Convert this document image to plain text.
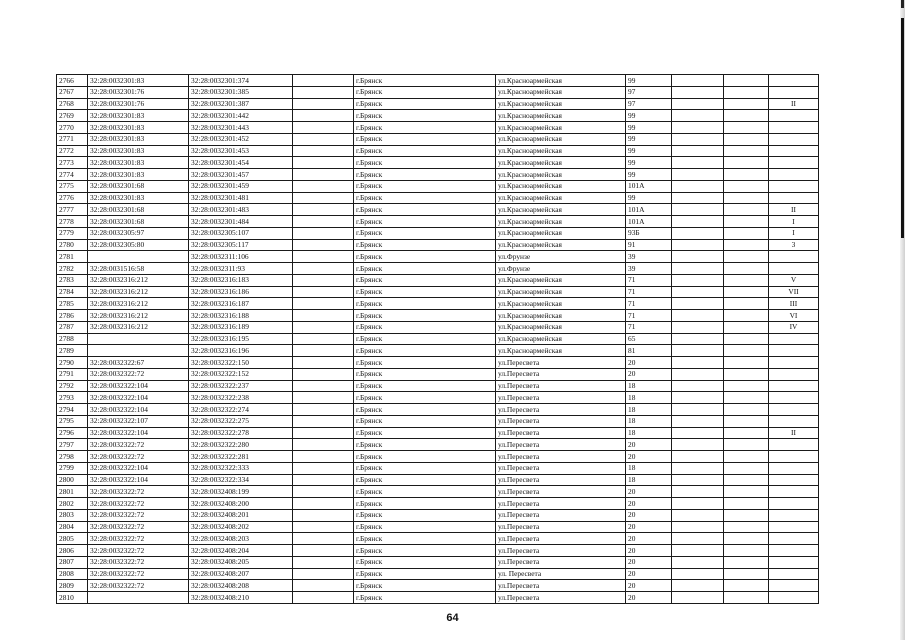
2766	32:28:0032301:83	32:28:0032301:374		г.Брянск	ул.Красноармейская	99			
2767	32:28:0032301:76	32:28:0032301:385		г.Брянск	ул.Красноармейская	97			
2768	32:28:0032301:76	32:28:0032301:387		г.Брянск	ул.Красноармейская	97			II
2769	32:28:0032301:83	32:28:0032301:442		г.Брянск	ул.Красноармейская	99			
2770	32:28:0032301:83	32:28:0032301:443		г.Брянск	ул.Красноармейская	99			
2771	32:28:0032301:83	32:28:0032301:452		г.Брянск	ул.Красноармейская	99			
2772	32:28:0032301:83	32:28:0032301:453		г.Брянск	ул.Красноармейская	99			
2773	32:28:0032301:83	32:28:0032301:454		г.Брянск	ул.Красноармейская	99			
2774	32:28:0032301:83	32:28:0032301:457		г.Брянск	ул.Красноармейская	99			
2775	32:28:0032301:68	32:28:0032301:459		г.Брянск	ул.Красноармейская	101А			
2776	32:28:0032301:83	32:28:0032301:481		г.Брянск	ул.Красноармейская	99			
2777	32:28:0032301:68	32:28:0032301:483		г.Брянск	ул.Красноармейская	101А			II
2778	32:28:0032301:68	32:28:0032301:484		г.Брянск	ул.Красноармейская	101А			I
2779	32:28:0032305:97	32:28:0032305:107		г.Брянск	ул.Красноармейская	93Б			I
2780	32:28:0032305:80	32:28:0032305:117		г.Брянск	ул.Красноармейская	91			3
2781		32:28:0032311:106		г.Брянск	ул.Фрунзе	39			
2782	32:28:0031516:58	32:28:0032311:93		г.Брянск	ул.Фрунзе	39			
2783	32:28:0032316:212	32:28:0032316:183		г.Брянск	ул.Красноармейская	71			V
2784	32:28:0032316:212	32:28:0032316:186		г.Брянск	ул.Красноармейская	71			VII
2785	32:28:0032316:212	32:28:0032316:187		г.Брянск	ул.Красноармейская	71			III
2786	32:28:0032316:212	32:28:0032316:188		г.Брянск	ул.Красноармейская	71			VI
2787	32:28:0032316:212	32:28:0032316:189		г.Брянск	ул.Красноармейская	71			IV
2788		32:28:0032316:195		г.Брянск	ул.Красноармейская	65			
2789		32:28:0032316:196		г.Брянск	ул.Красноармейская	81			
2790	32:28:0032322:67	32:28:0032322:150		г.Брянск	ул.Пересвета	20			
2791	32:28:0032322:72	32:28:0032322:152		г.Брянск	ул.Пересвета	20			
2792	32:28:0032322:104	32:28:0032322:237		г.Брянск	ул.Пересвета	18			
2793	32:28:0032322:104	32:28:0032322:238		г.Брянск	ул.Пересвета	18			
2794	32:28:0032322:104	32:28:0032322:274		г.Брянск	ул.Пересвета	18			
2795	32:28:0032322:107	32:28:0032322:275		г.Брянск	ул.Пересвета	18			
2796	32:28:0032322:104	32:28:0032322:278		г.Брянск	ул.Пересвета	18			II
2797	32:28:0032322:72	32:28:0032322:280		г.Брянск	ул.Пересвета	20			
2798	32:28:0032322:72	32:28:0032322:281		г.Брянск	ул.Пересвета	20			
2799	32:28:0032322:104	32:28:0032322:333		г.Брянск	ул.Пересвета	18			
2800	32:28:0032322:104	32:28:0032322:334		г.Брянск	ул.Пересвета	18			
2801	32:28:0032322:72	32:28:0032408:199		г.Брянск	ул.Пересвета	20			
2802	32:28:0032322:72	32:28:0032408:200		г.Брянск	ул.Пересвета	20			
2803	32:28:0032322:72	32:28:0032408:201		г.Брянск	ул.Пересвета	20			
2804	32:28:0032322:72	32:28:0032408:202		г.Брянск	ул.Пересвета	20			
2805	32:28:0032322:72	32:28:0032408:203		г.Брянск	ул.Пересвета	20			
2806	32:28:0032322:72	32:28:0032408:204		г.Брянск	ул.Пересвета	20			
2807	32:28:0032322:72	32:28:0032408:205		г.Брянск	ул.Пересвета	20			
2808	32:28:0032322:72	32:28:0032408:207		г.Брянск	ул. Пересвета	20			
2809	32:28:0032322:72	32:28:0032408:208		г.Брянск	ул.Пересвета	20			
2810		32:28:0032408:210		г.Брянск	ул.Пересвета	20			
64
